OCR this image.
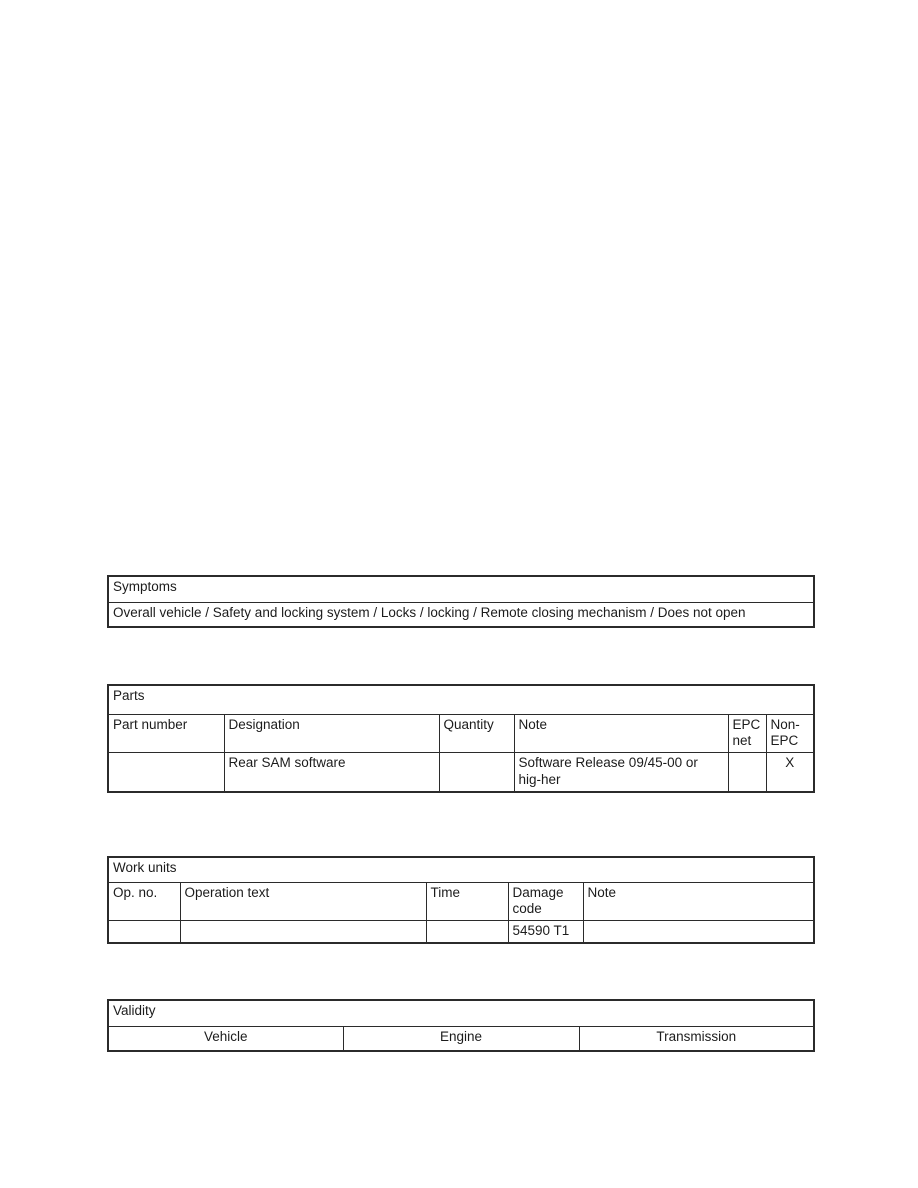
Symptoms
Overall vehicle / Safety and locking system / Locks / locking / Remote closing mechanism / Does not open
Parts					
Part number	Designation	Quantity	Note	EPC net	Non-EPC
	Rear SAM software		Software Release 09/45-00 or hig-her		X
Work units				
Op. no.	Operation text	Time	Damage code	Note
			54590 T1	
Validity
Vehicle	Engine	Transmission
